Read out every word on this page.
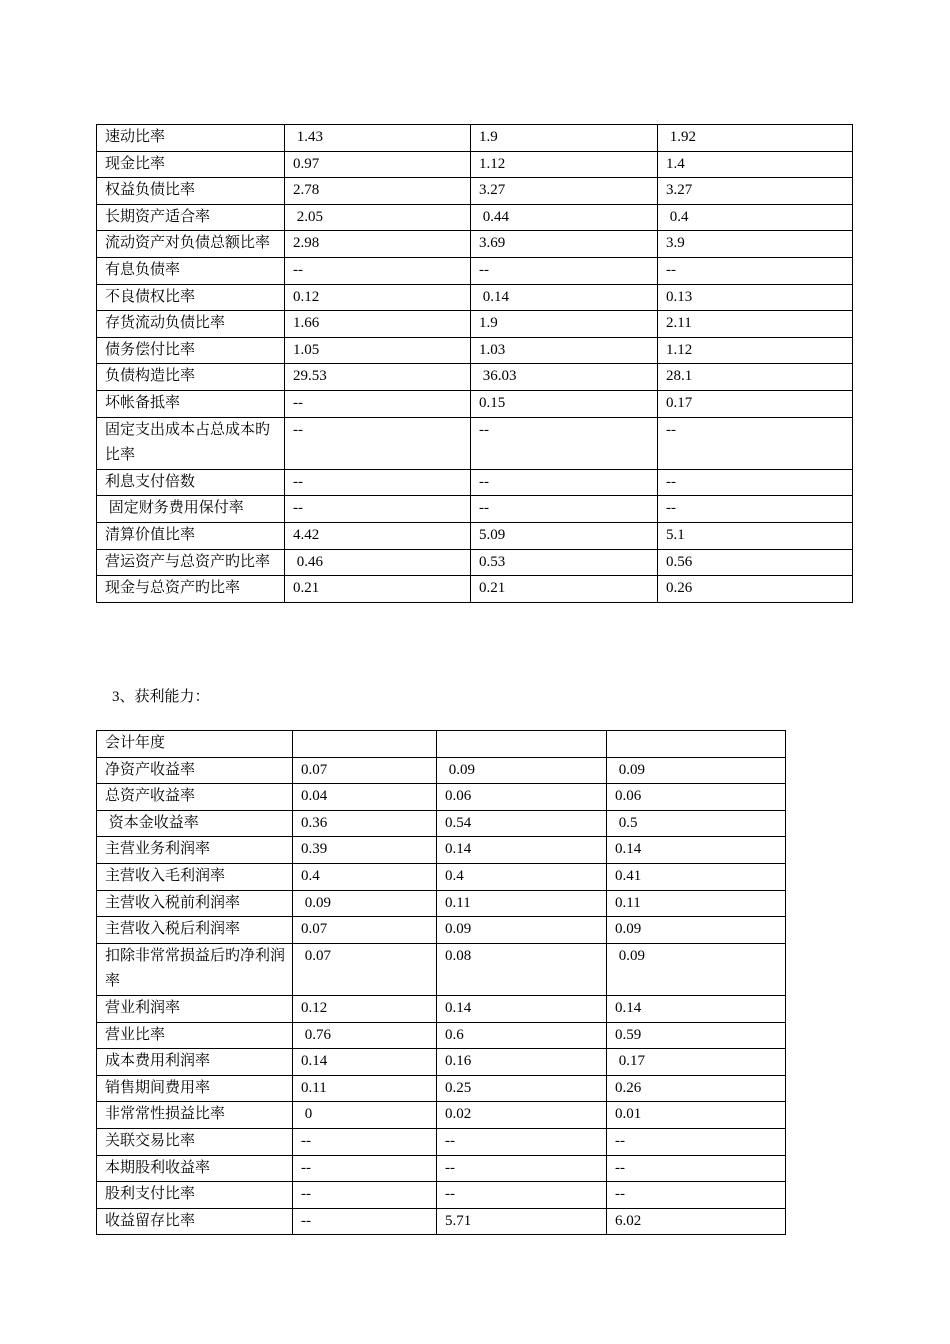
速动比率	1.43	1.9	1.92
现金比率	0.97	1.12	1.4
权益负债比率	2.78	3.27	3.27
长期资产适合率	2.05	0.44	0.4
流动资产对负债总额比率	2.98	3.69	3.9
有息负债率	--	--	--
不良债权比率	0.12	0.14	0.13
存货流动负债比率	1.66	1.9	2.11
债务偿付比率	1.05	1.03	1.12
负债构造比率	29.53	36.03	28.1
坏帐备抵率	--	0.15	0.17
固定支出成本占总成本旳比率	--	--	--
利息支付倍数	--	--	--
固定财务费用保付率	--	--	--
清算价值比率	4.42	5.09	5.1
营运资产与总资产旳比率	0.46	0.53	0.56
现金与总资产旳比率	0.21	0.21	0.26
3、获利能力：
会计年度			
净资产收益率	0.07	0.09	0.09
总资产收益率	0.04	0.06	0.06
资本金收益率	0.36	0.54	0.5
主营业务利润率	0.39	0.14	0.14
主营收入毛利润率	0.4	0.4	0.41
主营收入税前利润率	0.09	0.11	0.11
主营收入税后利润率	0.07	0.09	0.09
扣除非常常损益后旳净利润率	0.07	0.08	0.09
营业利润率	0.12	0.14	0.14
营业比率	0.76	0.6	0.59
成本费用利润率	0.14	0.16	0.17
销售期间费用率	0.11	0.25	0.26
非常常性损益比率	0	0.02	0.01
关联交易比率	--	--	--
本期股利收益率	--	--	--
股利支付比率	--	--	--
收益留存比率	--	5.71	6.02
